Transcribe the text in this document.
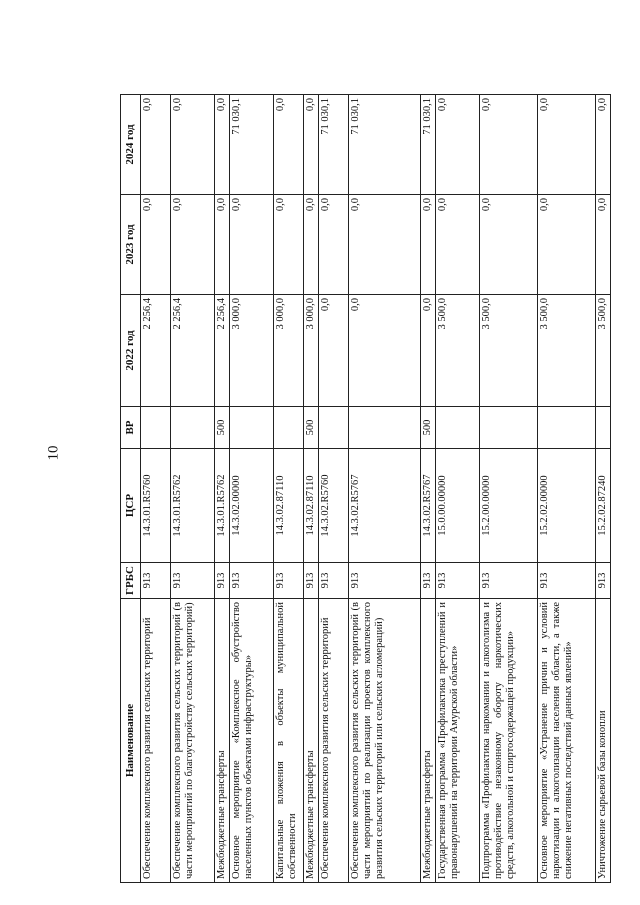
10
Наименование	ГРБС	ЦСР	ВР	2022 год	2023 год	2024 год
Обеспечение комплексного развития сельских территорий	913	14.3.01.R5760		2 256,4	0,0	0,0
Обеспечение комплексного развития сельских территорий (в части мероприятий по благоустройству сельских территорий)	913	14.3.01.R5762		2 256,4	0,0	0,0
Межбюджетные трансферты	913	14.3.01.R5762	500	2 256,4	0,0	0,0
Основное мероприятие «Комплексное обустройство населенных пунктов объектами инфраструктуры»	913	14.3.02.00000		3 000,0	0,0	71 030,1
Капитальные вложения в объекты муниципальной собственности	913	14.3.02.87110		3 000,0	0,0	0,0
Межбюджетные трансферты	913	14.3.02.87110	500	3 000,0	0,0	0,0
Обеспечение комплексного развития сельских территорий	913	14.3.02.R5760		0,0	0,0	71 030,1
Обеспечение комплексного развития сельских территорий (в части мероприятий по реализации проектов комплексного развития сельских территорий или сельских агломераций)	913	14.3.02.R5767		0,0	0,0	71 030,1
Межбюджетные трансферты	913	14.3.02.R5767	500	0,0	0,0	71 030,1
Государственная программа «Профилактика преступлений и правонарушений на территории Амурской области»	913	15.0.00.00000		3 500,0	0,0	0,0
Подпрограмма «Профилактика наркомании и алкоголизма и противодействие незаконному обороту наркотических средств, алкогольной и спиртосодержащей продукции»	913	15.2.00.00000		3 500,0	0,0	0,0
Основное мероприятие «Устранение причин и условий наркотизации и алкоголизации населения области, а также снижение негативных последствий данных явлений»	913	15.2.02.00000		3 500,0	0,0	0,0
Уничтожение сырьевой базы конопли	913	15.2.02.87240		3 500,0	0,0	0,0
